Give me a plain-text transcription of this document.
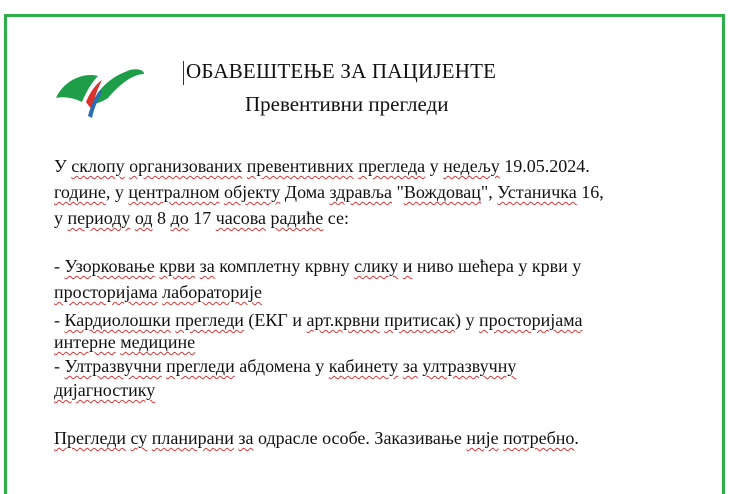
ОБАВЕШТЕЊЕ ЗА ПАЦИЈЕНТЕ
Превентивни прегледи
У склопу организованих превентивних прегледа у недељу 19.05.2024.
године, у централном објекту Дома здравља "Вождовац", Устаничка 16,
у периоду од 8 до 17 часова радиће се:
- Узорковање крви за комплетну крвну слику и ниво шећера у крви у
просторијама лабораторије
- Кардиолошки прегледи (ЕКГ и арт.крвни притисак) у просторијама
интерне медицине
- Ултразвучни прегледи абдомена у кабинету за ултразвучну
дијагностику
Прегледи су планирани за одрасле особе. Заказивање није потребно.
